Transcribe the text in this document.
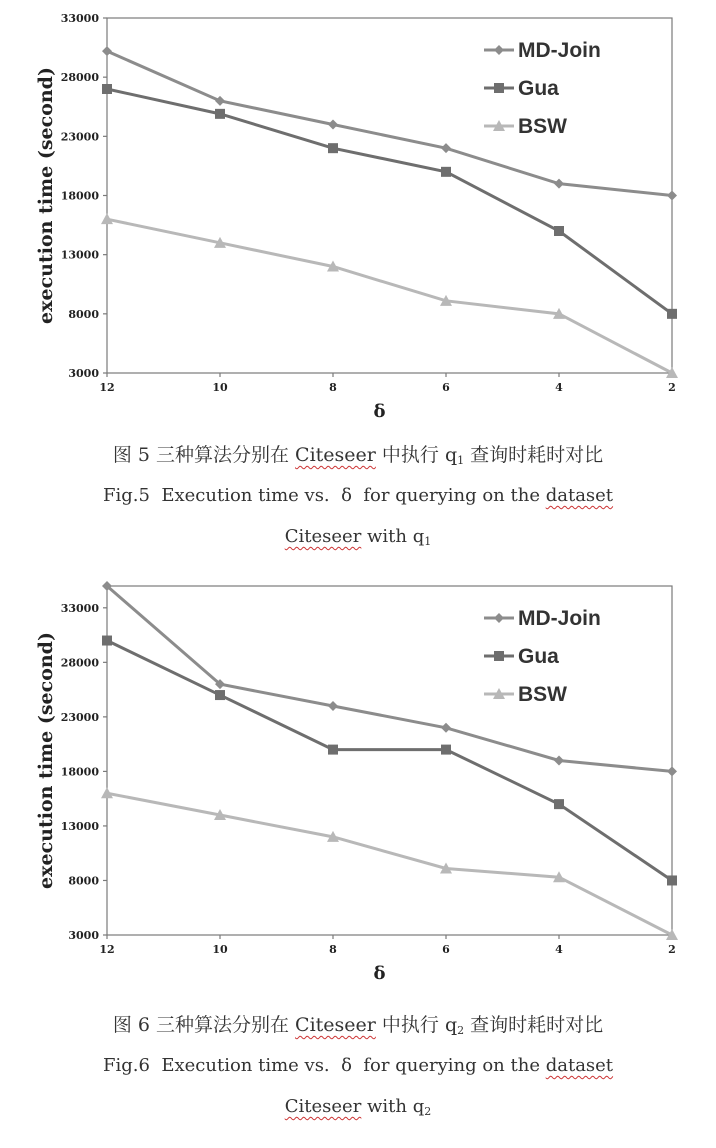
3000
8000
13000
18000
23000
28000
33000
12	10	8	6	4	2
δ
execution time (second)
MD-Join
Gua
BSW
图 5 三种算法分别在 Citeseer 中执行 $q_1$ 查询时耗时对比
Fig.5  Execution time vs.  δ  for querying on the dataset
Citeseer with $q_1$
3000
8000
13000
18000
23000
28000
33000
12	10	8	6	4	2
δ
execution time (second)
MD-Join
Gua
BSW
图 6 三种算法分别在 Citeseer 中执行 $q_2$ 查询时耗时对比
Fig.6  Execution time vs.  δ  for querying on the dataset
Citeseer with $q_2$
